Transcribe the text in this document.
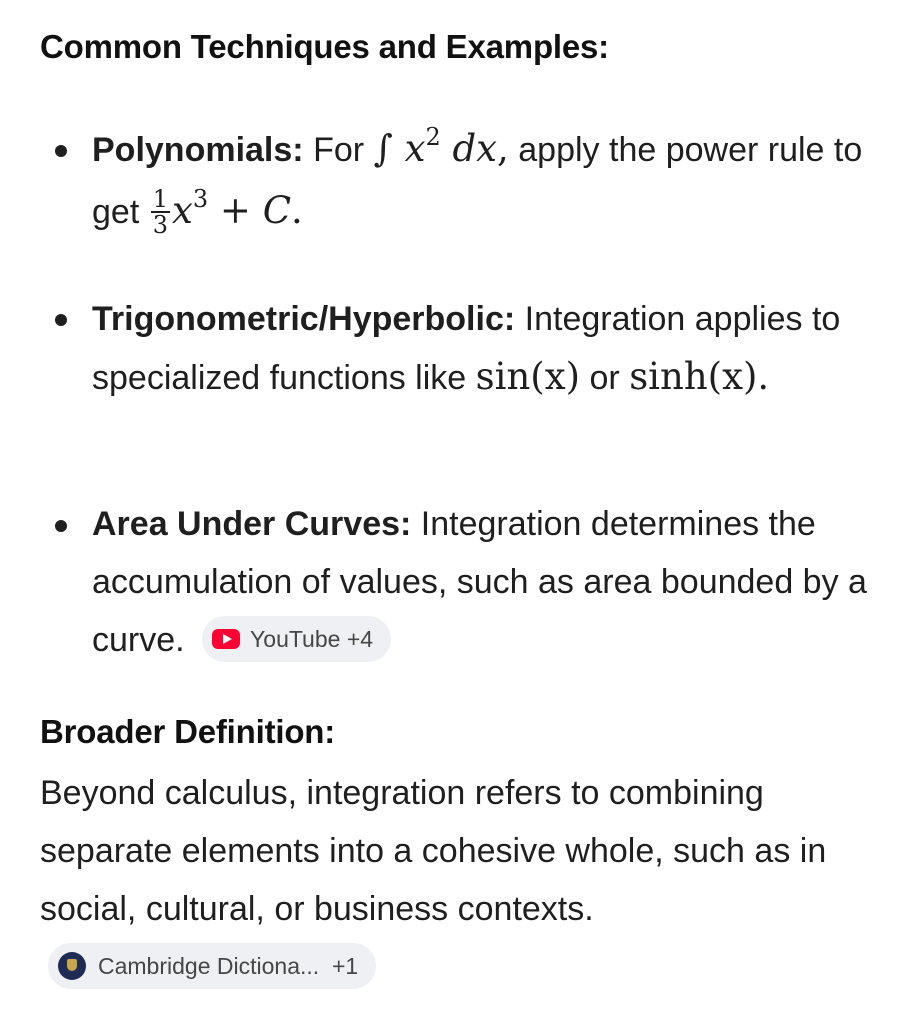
Common Techniques and Examples:
Polynomials: For ∫ $x^2$ dx, apply the power rule to get $\frac{1}{3} x^3 + C$.
Trigonometric/Hyperbolic: Integration applies to specialized functions like sin(x) or sinh(x).
Area Under Curves: Integration determines the accumulation of values, such as area bounded by a curve.	YouTube +4
Broader Definition:

Beyond calculus, integration refers to combining separate elements into a cohesive whole, such as in social, cultural, or business contexts.
Cambridge Dictiona...
+1
